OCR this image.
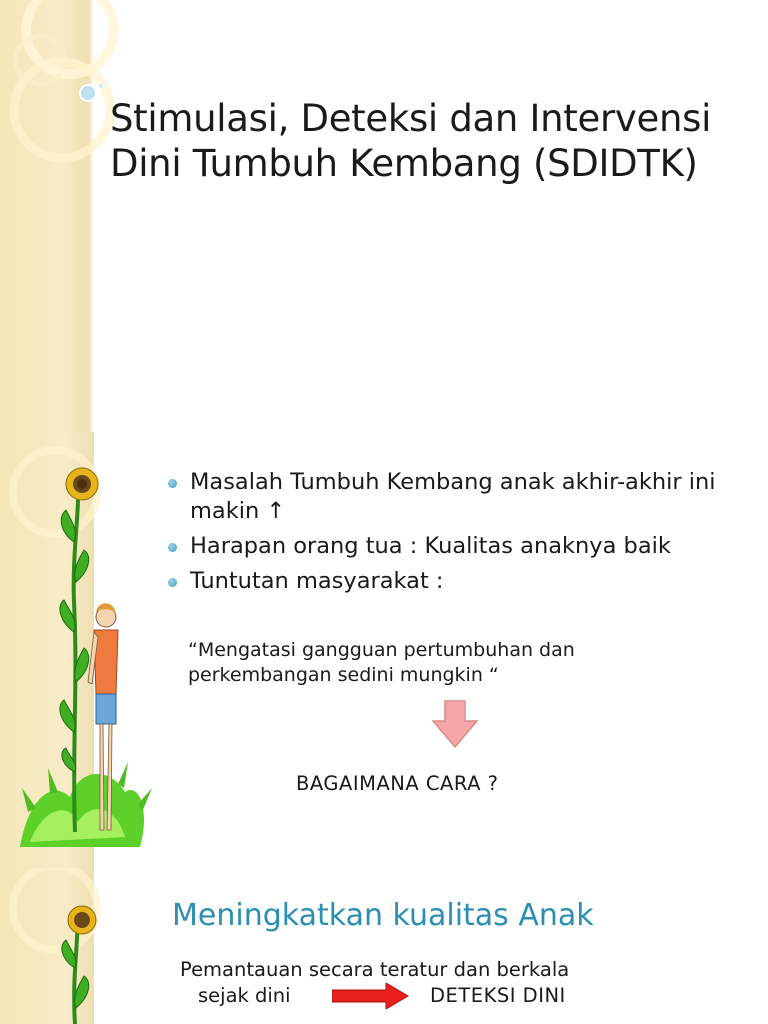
Stimulasi, Deteksi dan Intervensi
Dini Tumbuh Kembang (SDIDTK)
Masalah Tumbuh Kembang anak akhir-akhir ini makin ↑
Harapan orang tua : Kualitas anaknya baik
Tuntutan masyarakat :

“Mengatasi gangguan pertumbuhan dan
perkembangan sedini mungkin “

BAGAIMANA CARA ?

Meningkatkan kualitas Anak

Pemantauan secara teratur dan berkala

sejak dini	DETEKSI DINI
